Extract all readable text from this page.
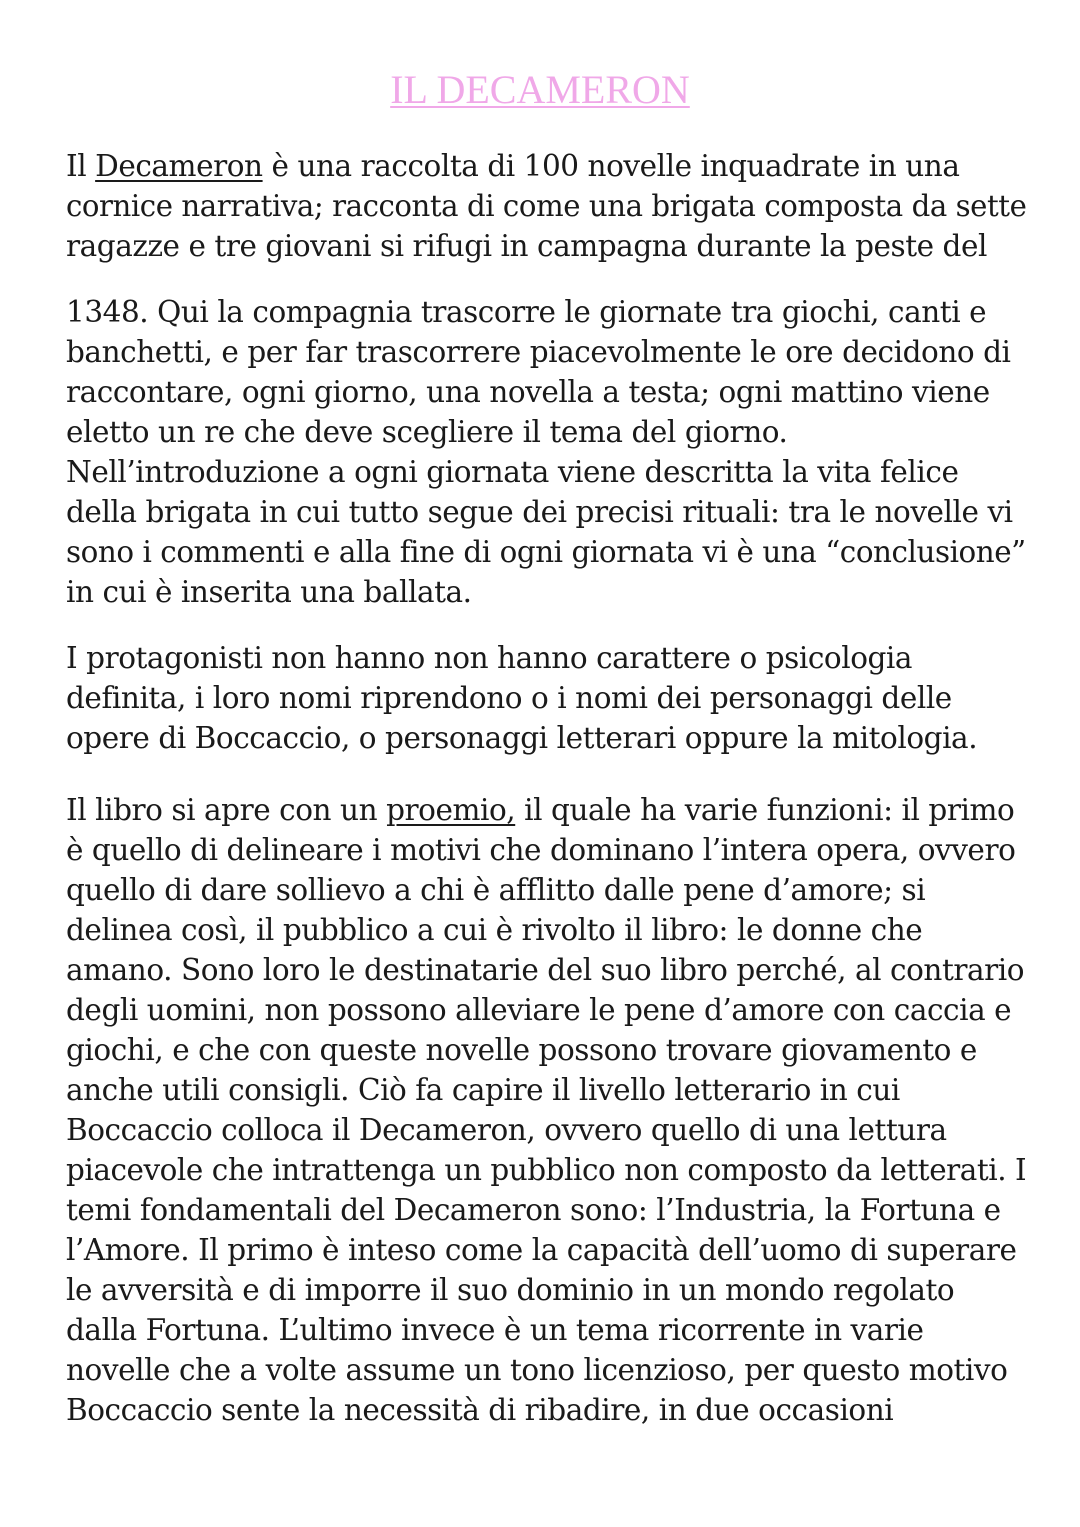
IL DECAMERON

Il Decameron è una raccolta di 100 novelle inquadrate in una
cornice narrativa; racconta di come una brigata composta da sette
ragazze e tre giovani si rifugi in campagna durante la peste del

1348. Qui la compagnia trascorre le giornate tra giochi, canti e
banchetti, e per far trascorrere piacevolmente le ore decidono di
raccontare, ogni giorno, una novella a testa; ogni mattino viene
eletto un re che deve scegliere il tema del giorno.
Nell’introduzione a ogni giornata viene descritta la vita felice
della brigata in cui tutto segue dei precisi rituali: tra le novelle vi
sono i commenti e alla fine di ogni giornata vi è una “conclusione”
in cui è inserita una ballata.

I protagonisti non hanno non hanno carattere o psicologia
definita, i loro nomi riprendono o i nomi dei personaggi delle
opere di Boccaccio, o personaggi letterari oppure la mitologia.

Il libro si apre con un proemio, il quale ha varie funzioni: il primo
è quello di delineare i motivi che dominano l’intera opera, ovvero
quello di dare sollievo a chi è afflitto dalle pene d’amore; si
delinea così, il pubblico a cui è rivolto il libro: le donne che
amano. Sono loro le destinatarie del suo libro perché, al contrario
degli uomini, non possono alleviare le pene d’amore con caccia e
giochi, e che con queste novelle possono trovare giovamento e
anche utili consigli. Ciò fa capire il livello letterario in cui
Boccaccio colloca il Decameron, ovvero quello di una lettura
piacevole che intrattenga un pubblico non composto da letterati. I
temi fondamentali del Decameron sono: l’Industria, la Fortuna e
l’Amore. Il primo è inteso come la capacità dell’uomo di superare
le avversità e di imporre il suo dominio in un mondo regolato
dalla Fortuna. L’ultimo invece è un tema ricorrente in varie
novelle che a volte assume un tono licenzioso, per questo motivo
Boccaccio sente la necessità di ribadire, in due occasioni
